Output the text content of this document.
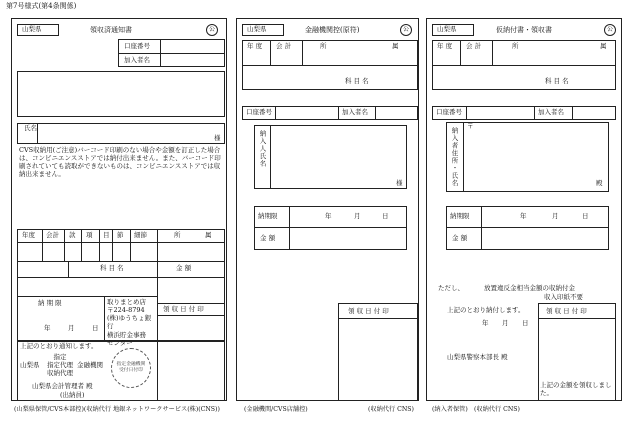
第7号様式(第4条関係)
山梨県	領収済通知書	公
口座番号
加入者名
氏名
様
CVS収納用(ご注意)バーコード印刷のない場合や金額を訂正した場合は、コンビニエンスストアでは納付出来ません。また、バーコード印刷されていても読取ができないものは、コンビニエンスストアでは収納出来ません。
年度 会計 款 項 目 節 細節	所	属
科 目 名	金 額
納 期 限
年	月	日
取りまとめ店
〒224-8794
(株)ゆうちょ銀行
横浜貯金事務
センター
領 収 日 付 印
上記のとおり通知します。
山梨県
指定
指定代理
収納代理
金融機関
山梨県会計管理者 殿
(出納員)
指定金融機関
受付日付印
(山梨県保管/CVS本部控)(収納代行 地銀ネットワークサービス(株)(CNS))
山梨県	金融機関控(原符)	公
年 度 会 計	所	属
科 目 名
口座番号	加入者名
納入人氏名
様
納期限	年	月	日
金 額
領 収 日 付 印
(金融機関/CVS店舗控)	(収納代行 CNS)
山梨県	仮納付書・領収書	公
年 度 会 計	所	属
科 目 名
口座番号	加入者名
納入者住所・氏名
〒
殿
納期限	年	月	日
金 額
ただし、	放置違反金相当金額の収納付金
収入印紙不要
上記のとおり納付します。
年 月 日
山梨県警察本部長 殿
領 収 日 付 印
上記の金額を領収しました。
(納入者保管) (収納代行 CNS)
